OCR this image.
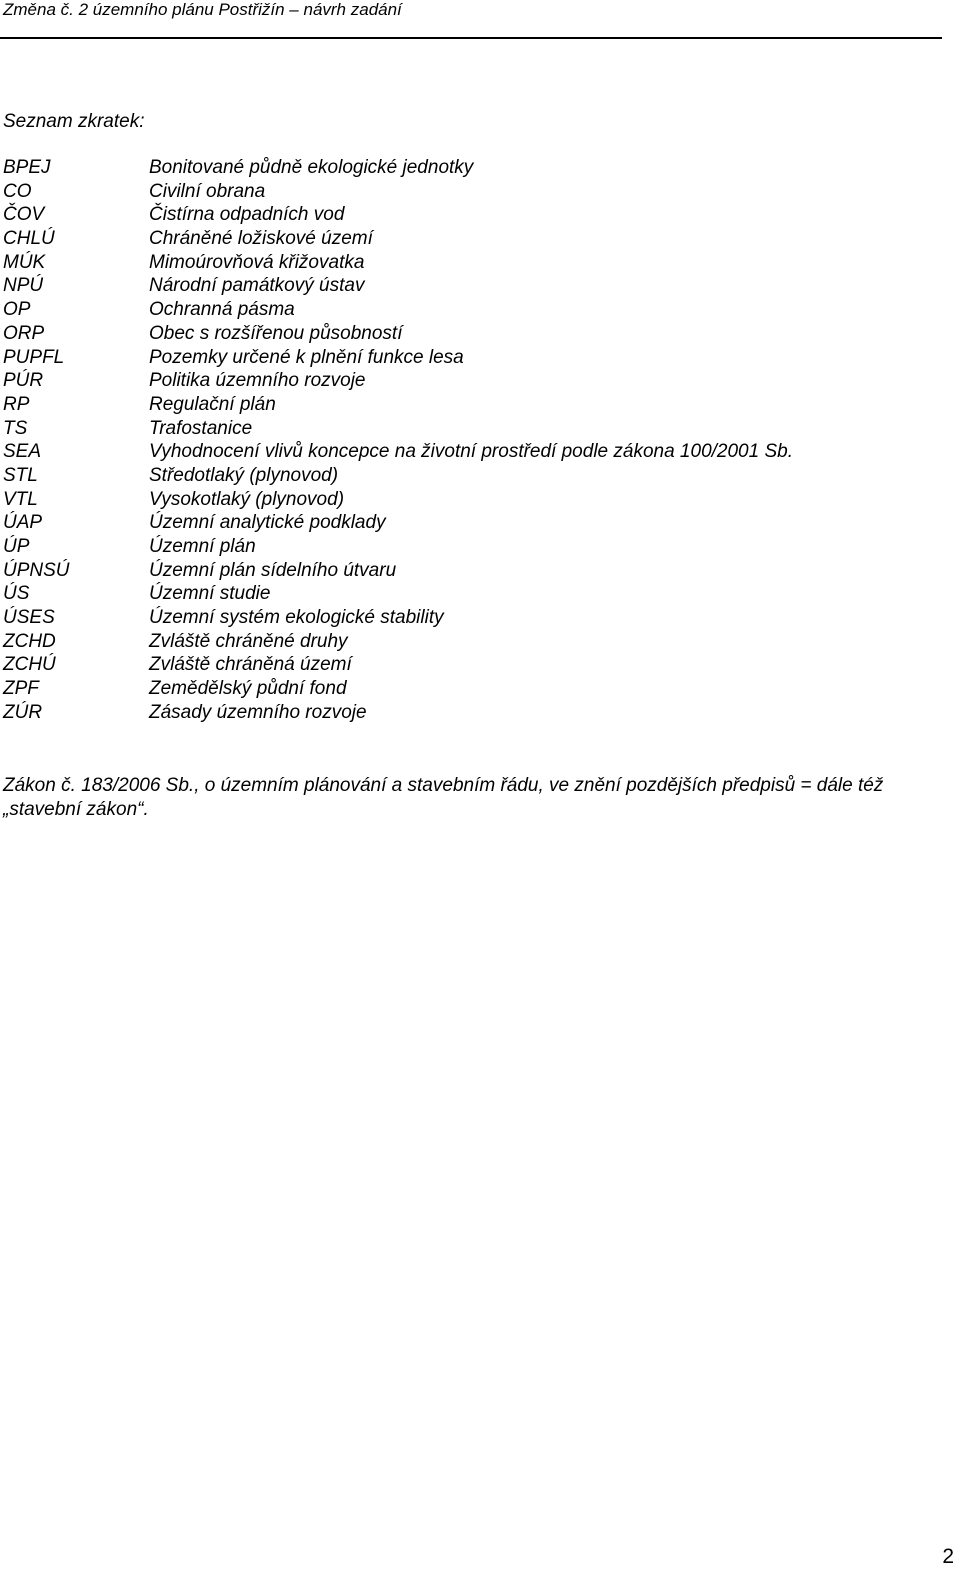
Změna č. 2 územního plánu Postřižín – návrh zadání
Seznam zkratek:
BPEJ	Bonitované půdně ekologické jednotky
CO	Civilní obrana
ČOV	Čistírna odpadních vod
CHLÚ	Chráněné ložiskové území
MÚK	Mimoúrovňová křižovatka
NPÚ	Národní památkový ústav
OP	Ochranná pásma
ORP	Obec s rozšířenou působností
PUPFL	Pozemky určené k plnění funkce lesa
PÚR	Politika územního rozvoje
RP	Regulační plán
TS	Trafostanice
SEA	Vyhodnocení vlivů koncepce na životní prostředí podle zákona 100/2001 Sb.
STL	Středotlaký (plynovod)
VTL	Vysokotlaký (plynovod)
ÚAP	Územní analytické podklady
ÚP	Územní plán
ÚPNSÚ	Územní plán sídelního útvaru
ÚS	Územní studie
ÚSES	Územní systém ekologické stability
ZCHD	Zvláště chráněné druhy
ZCHÚ	Zvláště chráněná území
ZPF	Zemědělský půdní fond
ZÚR	Zásady územního rozvoje
Zákon č. 183/2006 Sb., o územním plánování a stavebním řádu, ve znění pozdějších předpisů = dále též „stavební zákon“.
2
